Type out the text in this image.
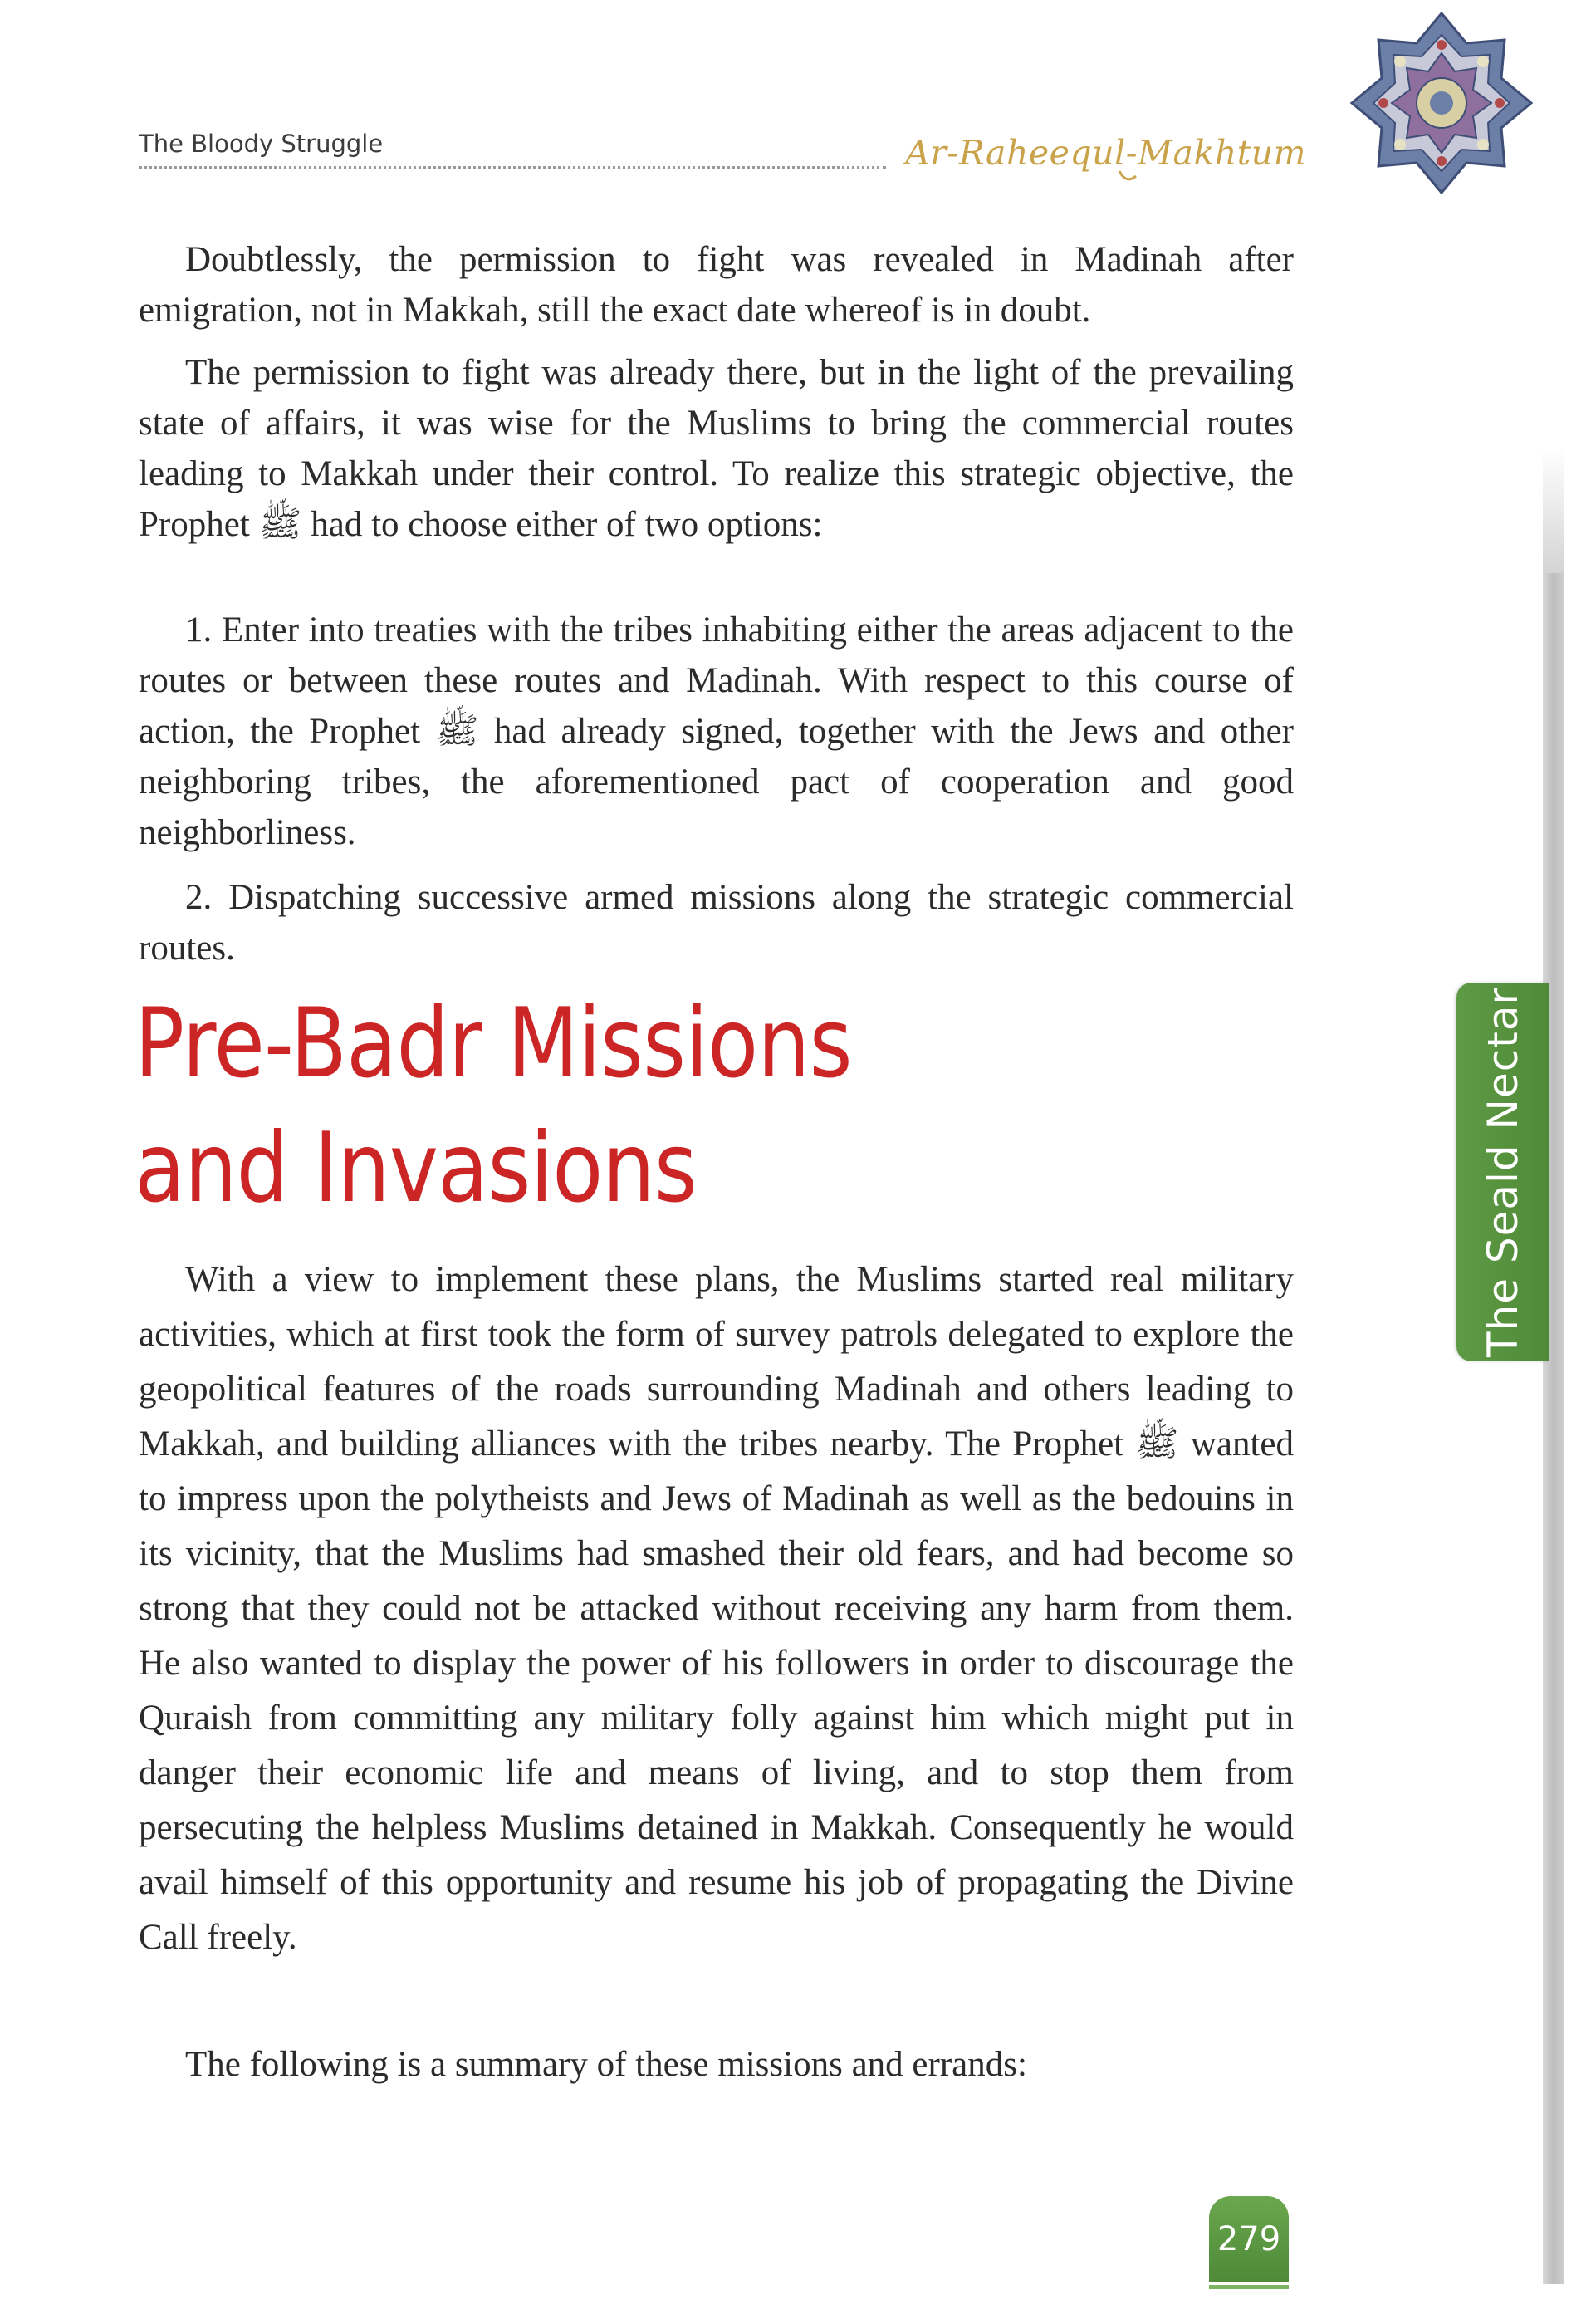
The Bloody Struggle	Ar-Raheequl-Makhtum

Doubtlessly, the permission to fight was revealed in Madinah after emigration, not in Makkah, still the exact date whereof is in doubt.

The permission to fight was already there, but in the light of the prevailing state of affairs, it was wise for the Muslims to bring the commercial routes leading to Makkah under their control. To realize this strategic objective, the Prophet ﷺ had to choose either of two options:

1. Enter into treaties with the tribes inhabiting either the areas adjacent to the routes or between these routes and Madinah. With respect to this course of action, the Prophet ﷺ had already signed, together with the Jews and other neighboring tribes, the aforementioned pact of cooperation and good neighborliness.

2. Dispatching successive armed missions along the strategic commercial routes.

Pre-Badr Missions
and Invasions

With a view to implement these plans, the Muslims started real military activities, which at first took the form of survey patrols delegated to explore the geopolitical features of the roads surrounding Madinah and others leading to Makkah, and building alliances with the tribes nearby. The Prophet ﷺ wanted to impress upon the polytheists and Jews of Madinah as well as the bedouins in its vicinity, that the Muslims had smashed their old fears, and had become so strong that they could not be attacked without receiving any harm from them. He also wanted to display the power of his followers in order to discourage the Quraish from committing any military folly against him which might put in danger their economic life and means of living, and to stop them from persecuting the helpless Muslims detained in Makkah. Consequently he would avail himself of this opportunity and resume his job of propagating the Divine Call freely.

The following is a summary of these missions and errands:

The Seald Nectar
279
